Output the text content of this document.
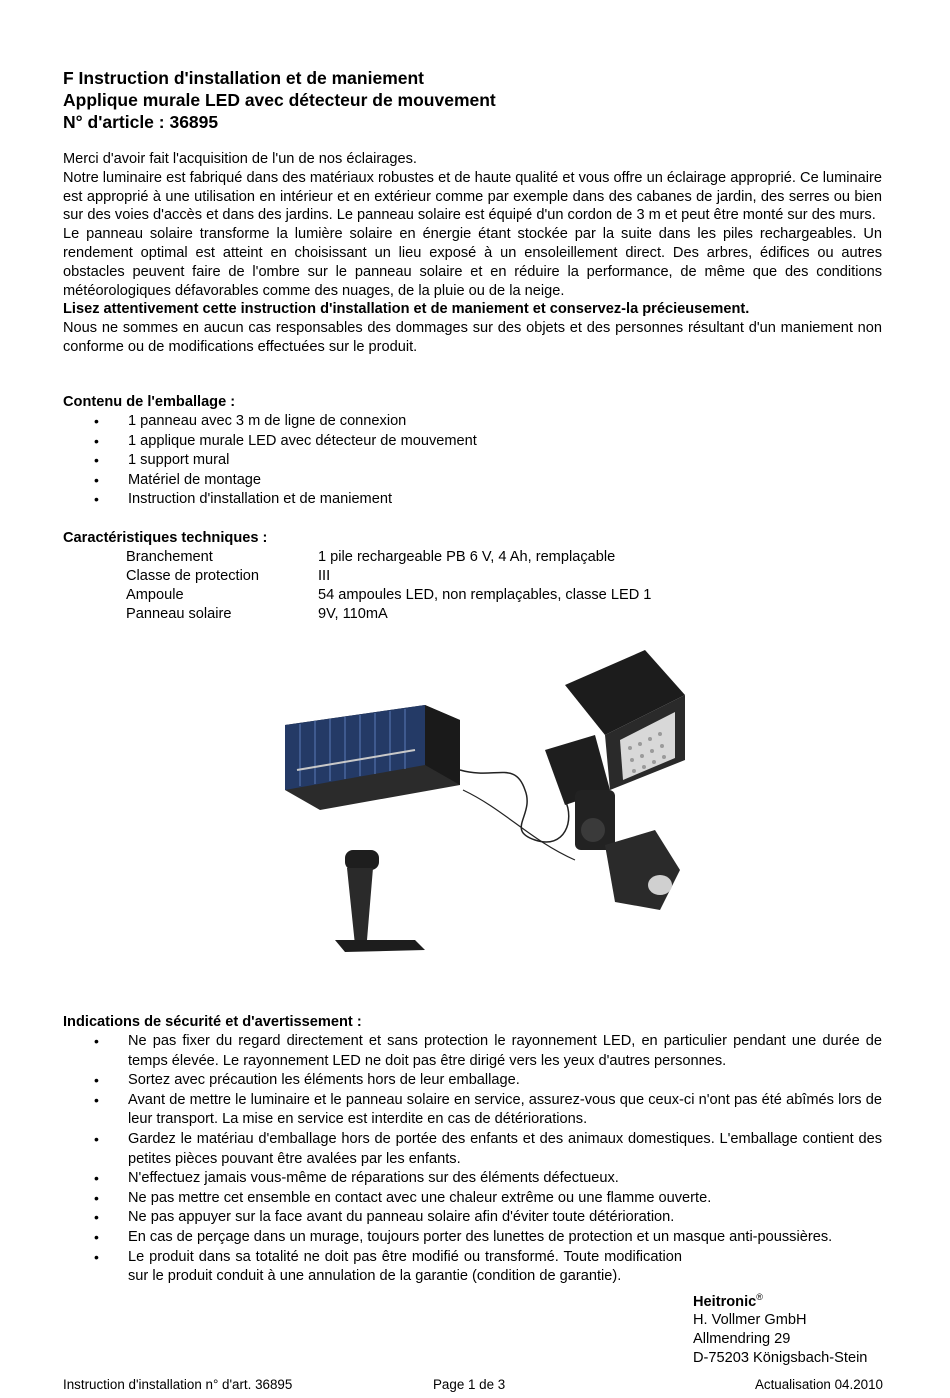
F Instruction d'installation et de maniement
Applique murale LED avec détecteur de mouvement
N° d'article : 36895

Merci d'avoir fait l'acquisition de l'un de nos éclairages.

Notre luminaire est fabriqué dans des matériaux robustes et de haute qualité et vous offre un éclairage approprié. Ce luminaire est approprié à une utilisation en intérieur et en extérieur comme par exemple dans des cabanes de jardin, des serres ou bien sur des voies d'accès et dans des jardins. Le panneau solaire est équipé d'un cordon de 3 m et peut être monté sur des murs.

Le panneau solaire transforme la lumière solaire en énergie étant stockée par la suite dans les piles rechargeables. Un rendement optimal est atteint en choisissant un lieu exposé à un ensoleillement direct. Des arbres, édifices ou autres obstacles peuvent faire de l'ombre sur le panneau solaire et en réduire la performance, de même que des conditions météorologiques défavorables comme des nuages, de la pluie ou de la neige.

Lisez attentivement cette instruction d'installation et de maniement et conservez-la précieusement.

Nous ne sommes en aucun cas responsables des dommages sur des objets et des personnes résultant d'un maniement non conforme ou de modifications effectuées sur le produit.

Contenu de l'emballage :
• 1 panneau avec 3 m de ligne de connexion
• 1 applique murale LED avec détecteur de mouvement
• 1 support mural
• Matériel de montage
• Instruction d'installation et de maniement
Caractéristiques techniques :
Branchement	1 pile rechargeable PB 6 V, 4 Ah, remplaçable
Classe de protection	III
Ampoule	54 ampoules LED, non remplaçables, classe LED 1
Panneau solaire	9V, 110mA
Indications de sécurité et d'avertissement :
• Ne pas fixer du regard directement et sans protection le rayonnement LED, en particulier pendant une durée de temps élevée. Le rayonnement LED ne doit pas être dirigé vers les yeux d'autres personnes.
• Sortez avec précaution les éléments hors de leur emballage.
• Avant de mettre le luminaire et le panneau solaire en service, assurez-vous que ceux-ci n'ont pas été abîmés lors de leur transport. La mise en service est interdite en cas de détériorations.
• Gardez le matériau d'emballage hors de portée des enfants et des animaux domestiques. L'emballage contient des petites pièces pouvant être avalées par les enfants.
• N'effectuez jamais vous-même de réparations sur des éléments défectueux.
• Ne pas mettre cet ensemble en contact avec une chaleur extrême ou une flamme ouverte.
• Ne pas appuyer sur la face avant du panneau solaire afin d'éviter toute détérioration.
• En cas de perçage dans un murage, toujours porter des lunettes de protection et un masque anti-poussières.
• Le produit dans sa totalité ne doit pas être modifié ou transformé. Toute modification sur le produit conduit à une annulation de la garantie (condition de garantie).
Heitronic®
H. Vollmer GmbH
Allmendring 29
D-75203 Königsbach-Stein
Instruction d'installation n° d'art. 36895	Page 1 de 3	Actualisation 04.2010
